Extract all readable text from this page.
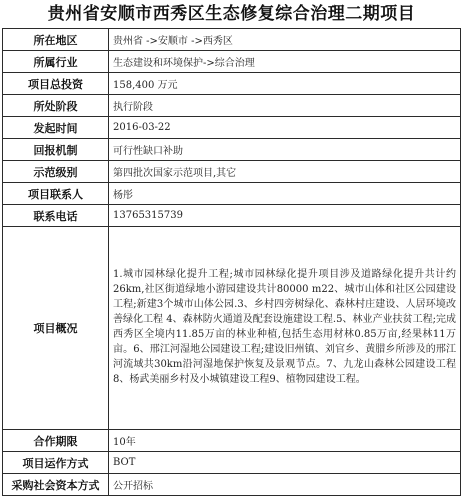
贵州省安顺市西秀区生态修复综合治理二期项目
所在地区	贵州省 ->安顺市 ->西秀区
所属行业	生态建设和环境保护->综合治理
项目总投资	158,400 万元
所处阶段	执行阶段
发起时间	2016-03-22
回报机制	可行性缺口补助
示范级别	第四批次国家示范项目,其它
项目联系人	杨彤
联系电话	13765315739
项目概况	1.城市园林绿化提升工程;城市园林绿化提升项目涉及道路绿化提升共计约26km,社区街道绿地小游园建设共计80000 m22、城市山体和社区公园建设工程;新建3个城市山体公园.3、乡村四旁树绿化、森林村庄建设、人居环境改善绿化工程 4、森林防火通道及配套设施建设工程.5、林业产业扶贫工程;完成西秀区全境内11.85万亩的林业种植,包括生态用材林0.85万亩,经果林11万亩。6、邢江河湿地公园建设工程;建设旧州镇、刘官乡、黄腊乡所涉及的邢江河流域共30km沿河湿地保护恢复及景观节点。7、九龙山森林公园建设工程8、杨武美丽乡村及小城镇建设工程9、植物园建设工程。
合作期限	10年
项目运作方式	BOT
采购社会资本方式	公开招标
